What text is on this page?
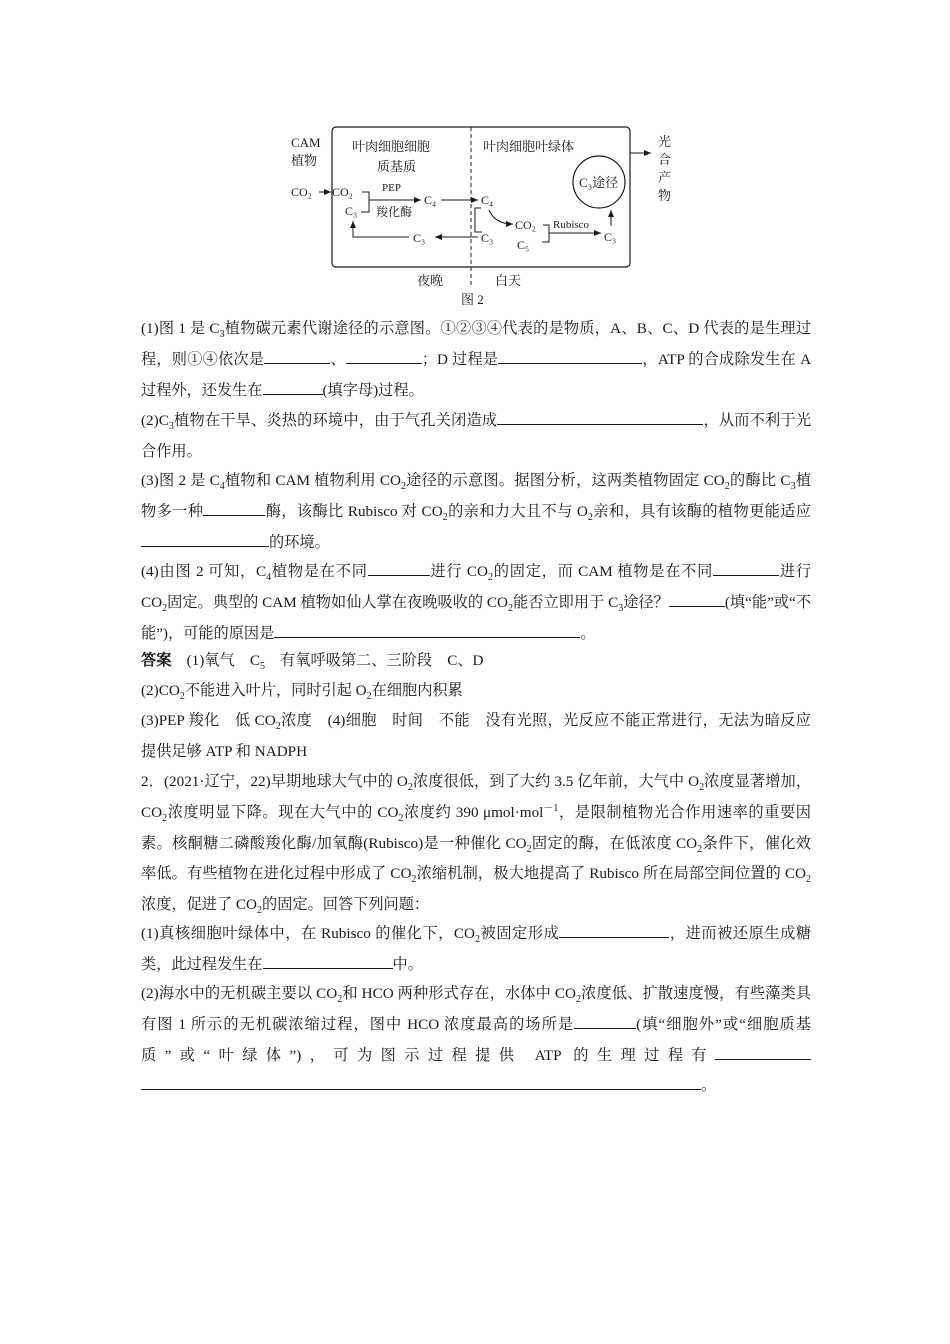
CAM
植物
叶肉细胞细胞
质基质
叶肉细胞叶绿体
C₃途径
光
合
产
物
CO₂ CO₂
C₃
PEP
羧化酶
C₄	C₄
CO₂
C₅
Rubisco
C₃
C₃
C₃
夜晚	白天
图 2

(1)图 1 是 $C_3$植物碳元素代谢途径的示意图。①②③④代表的是物质，A、B、C、D 代表的是生理过程，则①④依次是	、	；D 过程是	，ATP 的合成除发生在 A 过程外，还发生在	(填字母)过程。

$(2)C_3$植物在干旱、炎热的环境中，由于气孔关闭造成	，从而不利于光合作用。

(3)图 2 是 $C_4$植物和 CAM 植物利用 $CO_2$途径的示意图。据图分析，这两类植物固定 $CO_2$的酶比 $C_3$植物多一种	酶，该酶比 Rubisco 对 $CO_2$的亲和力大且不与 $O_2$亲和，具有该酶的植物更能适应的环境。

(4)由图 2 可知，$C_4$植物是在不同	进行 $CO_2$的固定，而 CAM 植物是在不同	进行 $CO_2$固定。典型的 CAM 植物如仙人掌在夜晚吸收的 $CO_2$能否立即用于 $C_3$途径？	(填“能”或“不能”)，可能的原因是	。

答案　 (1)氧气　$C_5$　有氧呼吸第二、三阶段　C、D

$(2)CO_2$不能进入叶片，同时引起 $O_2$在细胞内积累

(3)PEP 羧化　低 $CO_2$浓度　(4)细胞　时间　不能　没有光照，光反应不能正常进行，无法为暗反应提供足够 ATP 和 NADPH

2．(2021·辽宁，22)早期地球大气中的 $O_2$浓度很低，到了大约 3.5 亿年前，大气中 $O_2$浓度显著增加，$CO_2$浓度明显下降。现在大气中的 $CO_2$浓度约 390 μmol·mol$^{-1}$，是限制植物光合作用速率的重要因素。核酮糖二磷酸羧化酶/加氧酶(Rubisco)是一种催化 $CO_2$固定的酶，在低浓度 $CO_2$条件下，催化效率低。有些植物在进化过程中形成了 $CO_2$浓缩机制，极大地提高了 Rubisco 所在局部空间位置的 $CO_2$浓度，促进了 $CO_2$的固定。回答下列问题：

(1)真核细胞叶绿体中，在 Rubisco 的催化下，$CO_2$被固定形成	，进而被还原生成糖类，此过程发生在	中。

(2)海水中的无机碳主要以 $CO_2$和 HCO 两种形式存在，水体中 $CO_2$浓度低、扩散速度慢，有些藻类具有图 1 所示的无机碳浓缩过程，图中 HCO 浓度最高的场所是	(填“细胞外”或“细胞质基质”或“叶绿体”)，可为图示过程提供 ATP 的生理过程有。
